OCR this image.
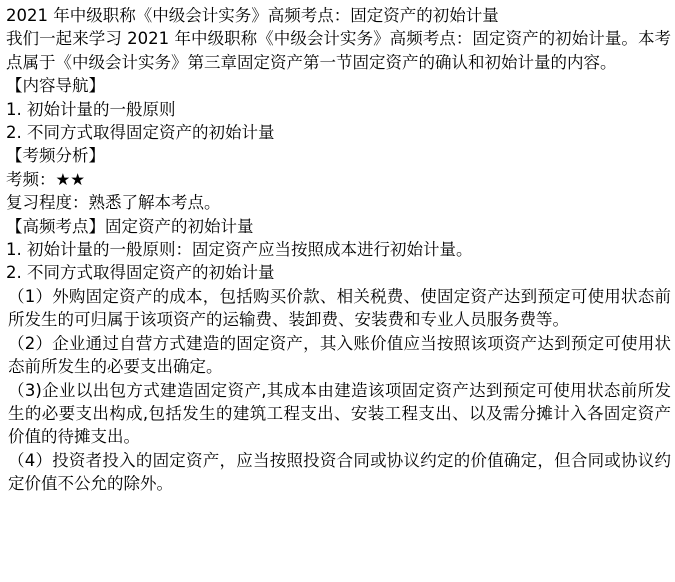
2021 年中级职称《中级会计实务》高频考点：固定资产的初始计量

我们一起来学习 2021 年中级职称《中级会计实务》高频考点：固定资产的初始计量。本考点属于《中级会计实务》第三章固定资产第一节固定资产的确认和初始计量的内容。

【内容导航】

1. 初始计量的一般原则

2. 不同方式取得固定资产的初始计量

【考频分析】

考频：★★

复习程度：熟悉了解本考点。

【高频考点】固定资产的初始计量

1. 初始计量的一般原则：固定资产应当按照成本进行初始计量。

2. 不同方式取得固定资产的初始计量

（1）外购固定资产的成本，包括购买价款、相关税费、使固定资产达到预定可使用状态前所发生的可归属于该项资产的运输费、装卸费、安装费和专业人员服务费等。

（2）企业通过自营方式建造的固定资产，其入账价值应当按照该项资产达到预定可使用状态前所发生的必要支出确定。

（3)企业以出包方式建造固定资产,其成本由建造该项固定资产达到预定可使用状态前所发生的必要支出构成,包括发生的建筑工程支出、安装工程支出、以及需分摊计入各固定资产价值的待摊支出。

（4）投资者投入的固定资产，应当按照投资合同或协议约定的价值确定，但合同或协议约定价值不公允的除外。
